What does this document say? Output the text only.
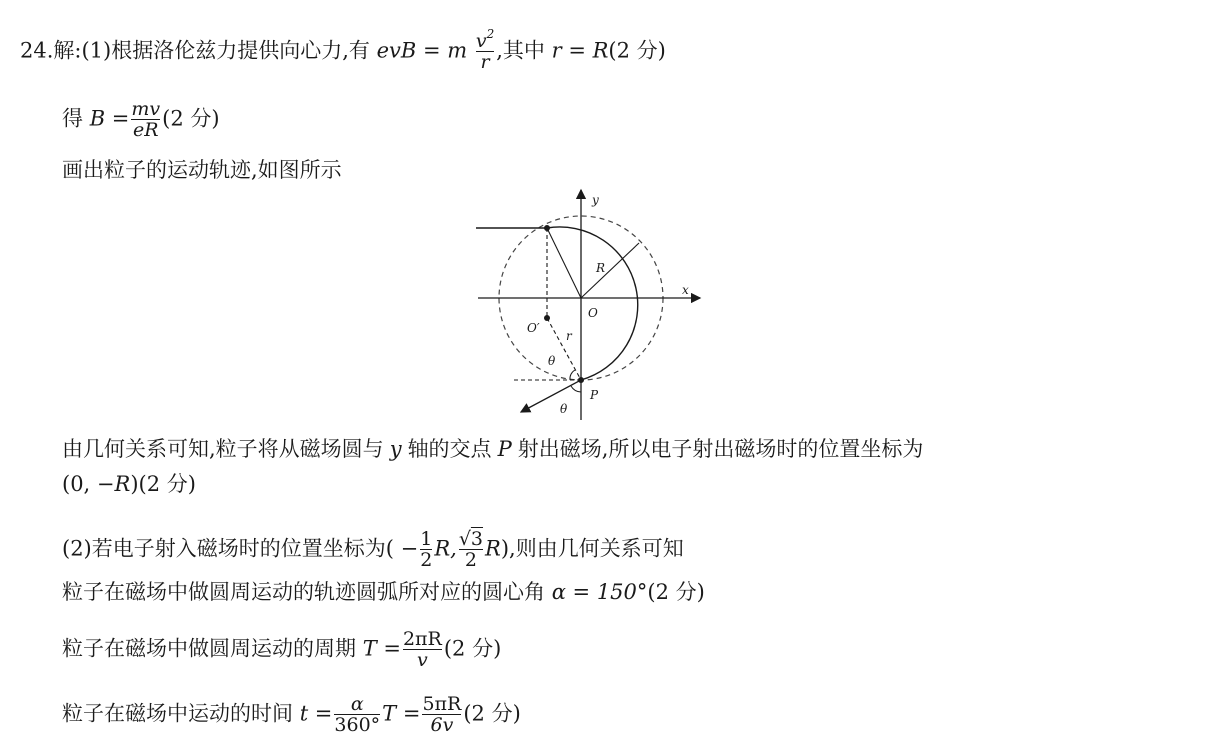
24.解:(1)根据洛伦兹力提供向心力,有 evB = m $\frac{v^2}{r}$ ,其中 r = R(2 分)
得 $B = \frac{mv}{eR} (2$ 分)
画出粒子的运动轨迹,如图所示
y
x
R
O
O′
r
θ
θ
P
由几何关系可知,粒子将从磁场圆与 y 轴的交点 P 射出磁场,所以电子射出磁场时的位置坐标为
(0, −R)(2 分)
(2)若电子射入磁场时的位置坐标为( − $\frac{1}{2} R$, $\frac{√3}{2} R$),则由几何关系可知
粒子在磁场中做圆周运动的轨迹圆弧所对应的圆心角 α = 150°(2 分)
粒子在磁场中做圆周运动的周期 $T = \frac{2\pi R}{v} (2$ 分)
粒子在磁场中运动的时间 $t = \frac{\alpha}{360^\circ}$ $T = \frac{5\pi R}{6v} (2$ 分)
